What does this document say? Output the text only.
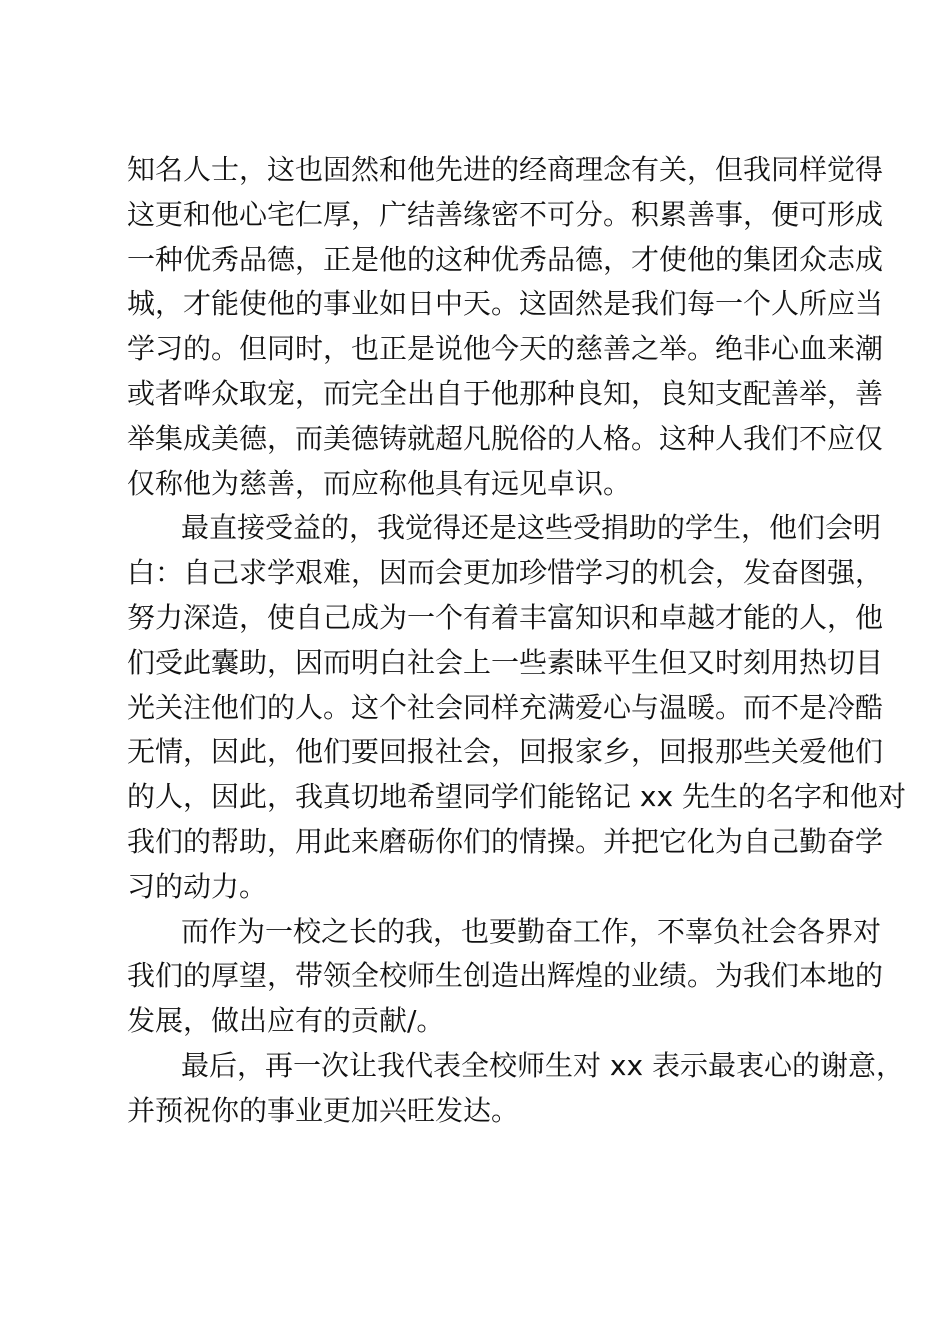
知名人士，这也固然和他先进的经商理念有关，但我同样觉得
这更和他心宅仁厚，广结善缘密不可分。积累善事，便可形成
一种优秀品德，正是他的这种优秀品德，才使他的集团众志成
城，才能使他的事业如日中天。这固然是我们每一个人所应当
学习的。但同时，也正是说他今天的慈善之举。绝非心血来潮
或者哗众取宠，而完全出自于他那种良知，良知支配善举，善
举集成美德，而美德铸就超凡脱俗的人格。这种人我们不应仅
仅称他为慈善，而应称他具有远见卓识。
最直接受益的，我觉得还是这些受捐助的学生，他们会明
白：自己求学艰难，因而会更加珍惜学习的机会，发奋图强，
努力深造，使自己成为一个有着丰富知识和卓越才能的人，他
们受此囊助，因而明白社会上一些素昧平生但又时刻用热切目
光关注他们的人。这个社会同样充满爱心与温暖。而不是冷酷
无情，因此，他们要回报社会，回报家乡，回报那些关爱他们
的人，因此，我真切地希望同学们能铭记 xx 先生的名字和他对
我们的帮助，用此来磨砺你们的情操。并把它化为自己勤奋学
习的动力。
而作为一校之长的我，也要勤奋工作，不辜负社会各界对
我们的厚望，带领全校师生创造出辉煌的业绩。为我们本地的
发展，做出应有的贡献/。
最后，再一次让我代表全校师生对 xx 表示最衷心的谢意，
并预祝你的事业更加兴旺发达。
